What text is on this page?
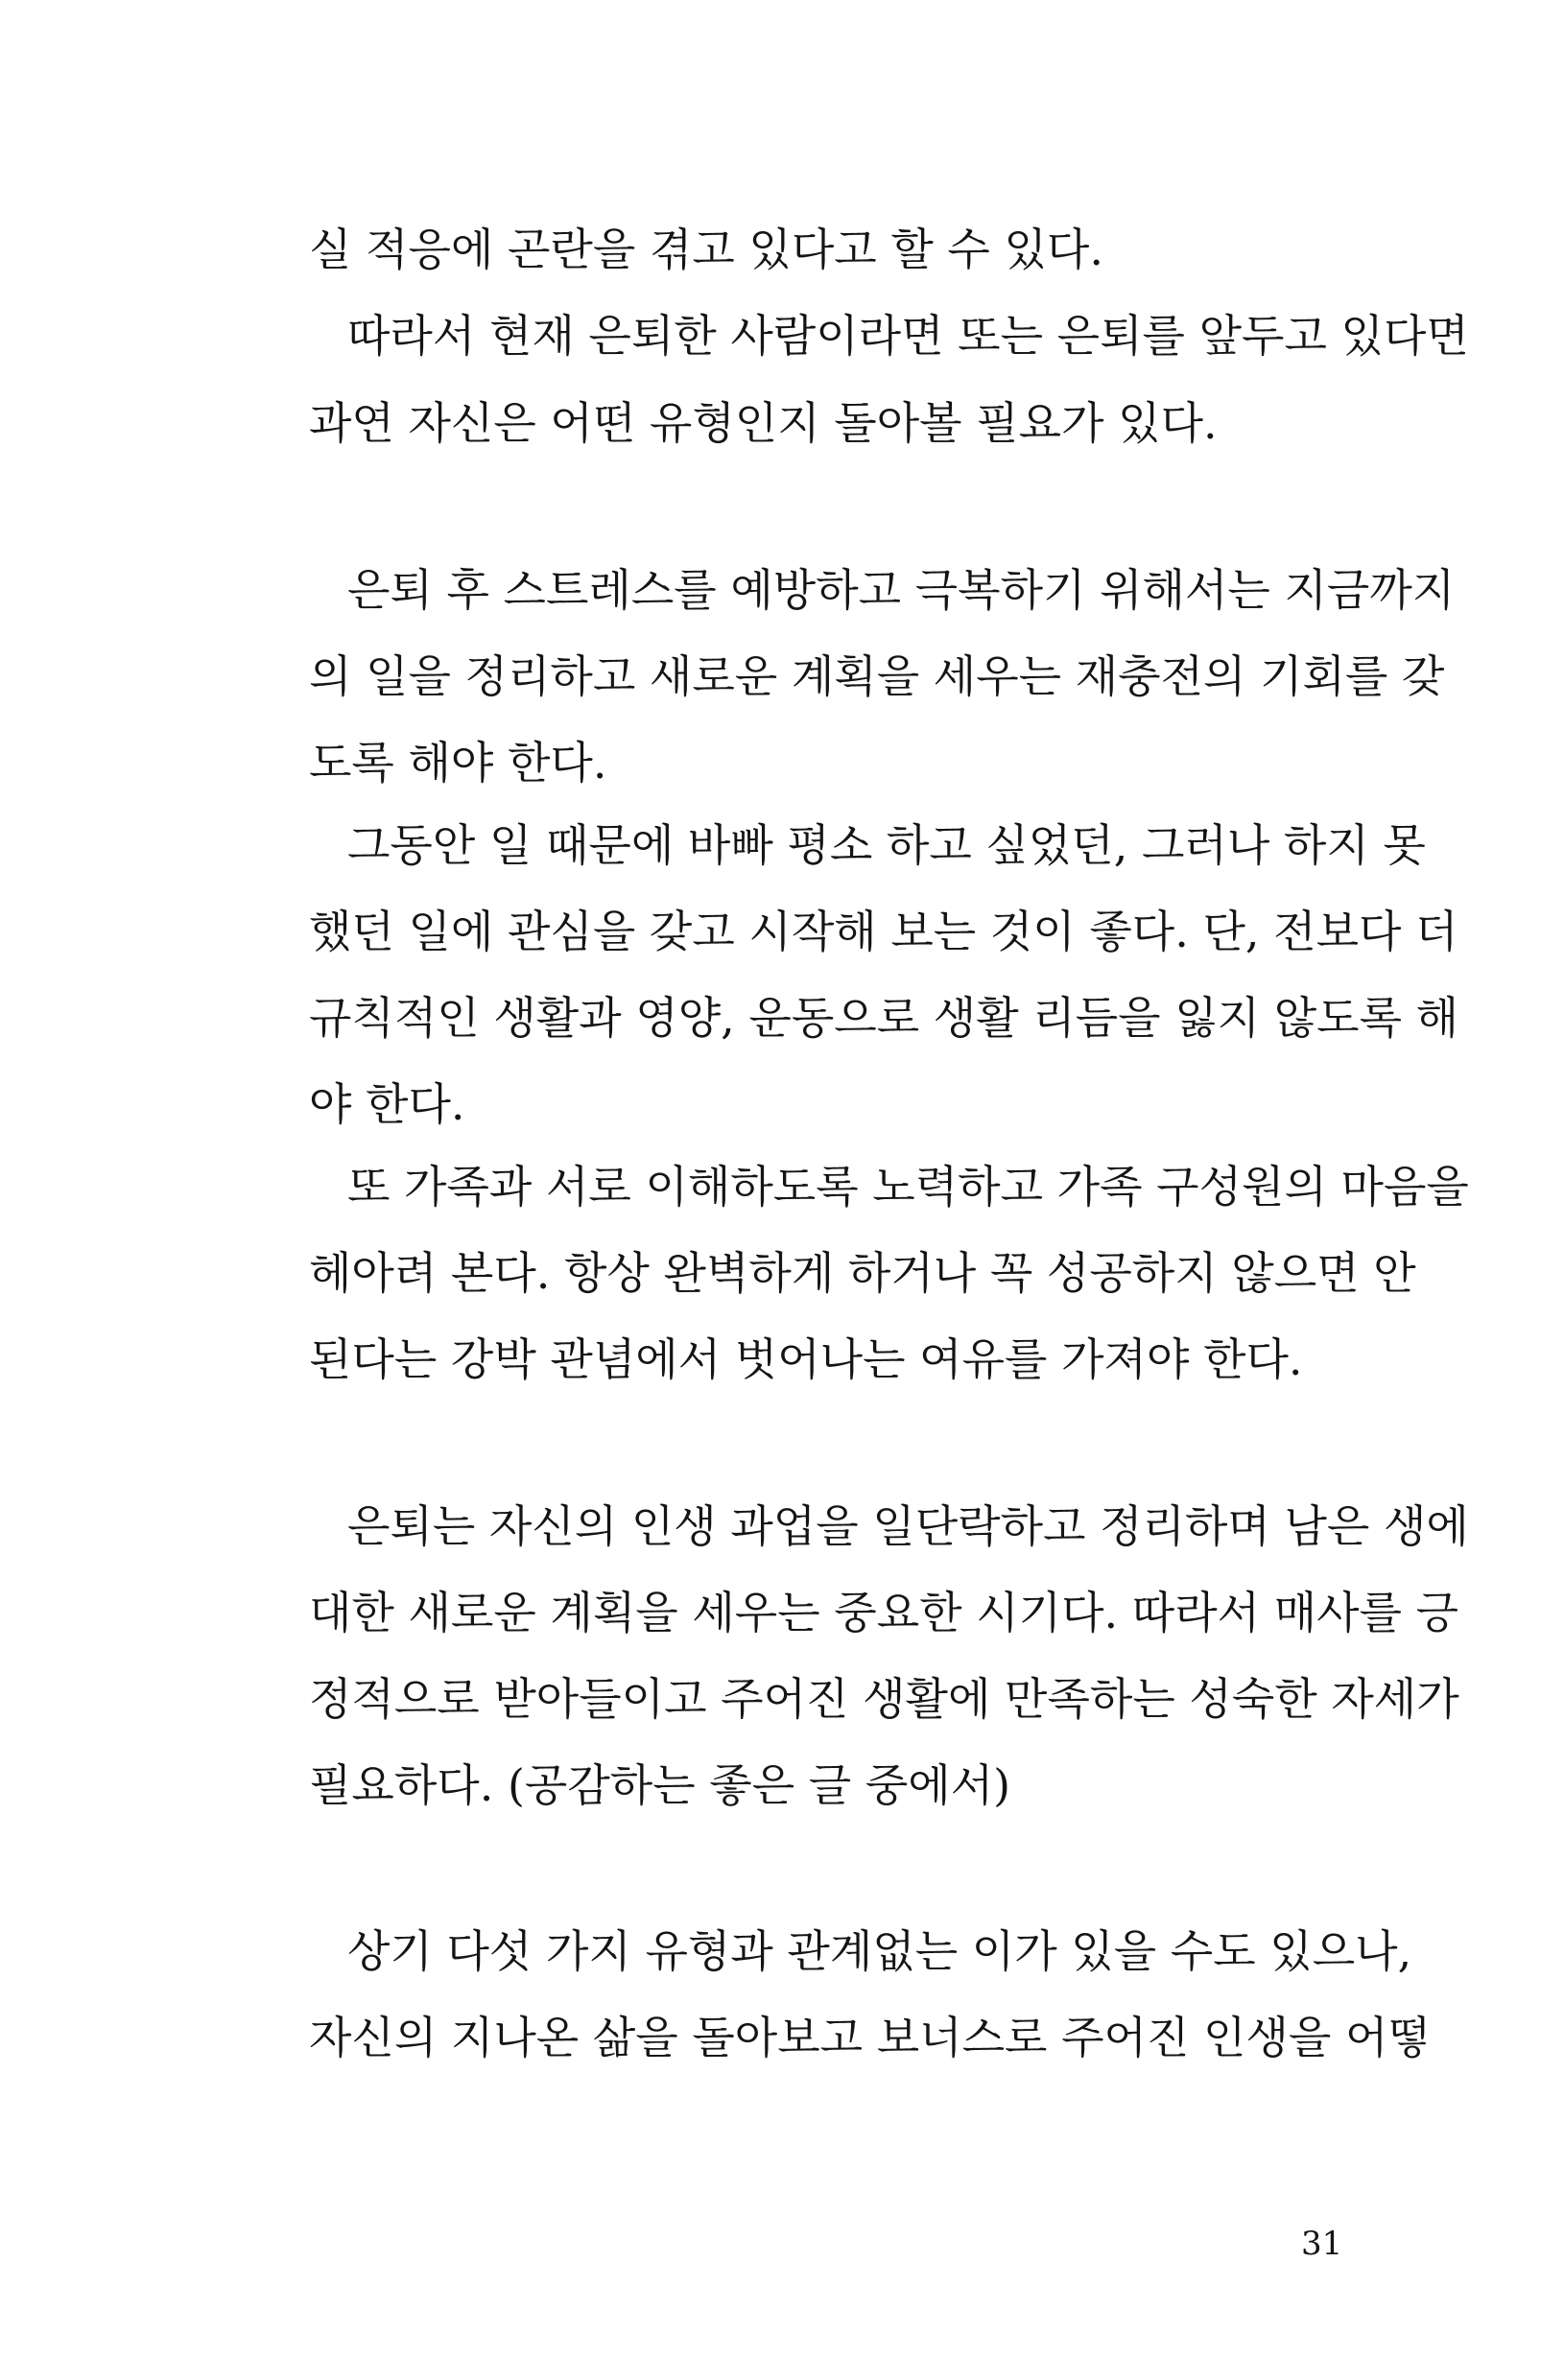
실 적응에 곤란을 겪고 있다고 할 수 있다.
따라서 현재 은퇴한 사람이라면 또는 은퇴를 앞두고 있다면
과연 자신은 어떤 유형인지 돌아볼 필요가 있다.
은퇴 후 스트레스를 예방하고 극복하기 위해서는 지금까지
의 일을 정리하고 새로운 계획을 세우는 재충전의 기회를 갖
도록 해야 한다.
그동안 일 때문에 바빠 평소 하고 싶었던, 그러나 하지 못
했던 일에 관심을 갖고 시작해 보는 것이 좋다. 단, 전보다 더
규칙적인 생활과 영양, 운동으로 생활 리듬을 잃지 않도록 해
야 한다.
또 가족과 서로 이해하도록 노력하고 가족 구성원의 마음을
헤아려 본다. 항상 완벽하게 하거나 꼭 성공하지 않으면 안
된다는 강박 관념에서 벗어나는 여유를 가져야 한다.
은퇴는 자신의 인생 과업을 일단락하고 정리하며 남은 생에
대한 새로운 계획을 세우는 중요한 시기다. 따라서 매사를 긍
정적으로 받아들이고 주어진 생활에 만족하는 성숙한 자세가
필요하다. (공감하는 좋은 글 중에서)
상기 다섯 가지 유형과 관계없는 이가 있을 수도 있으나,
자신의 지나온 삶을 돌아보고 보너스로 주어진 인생을 어떻
31
